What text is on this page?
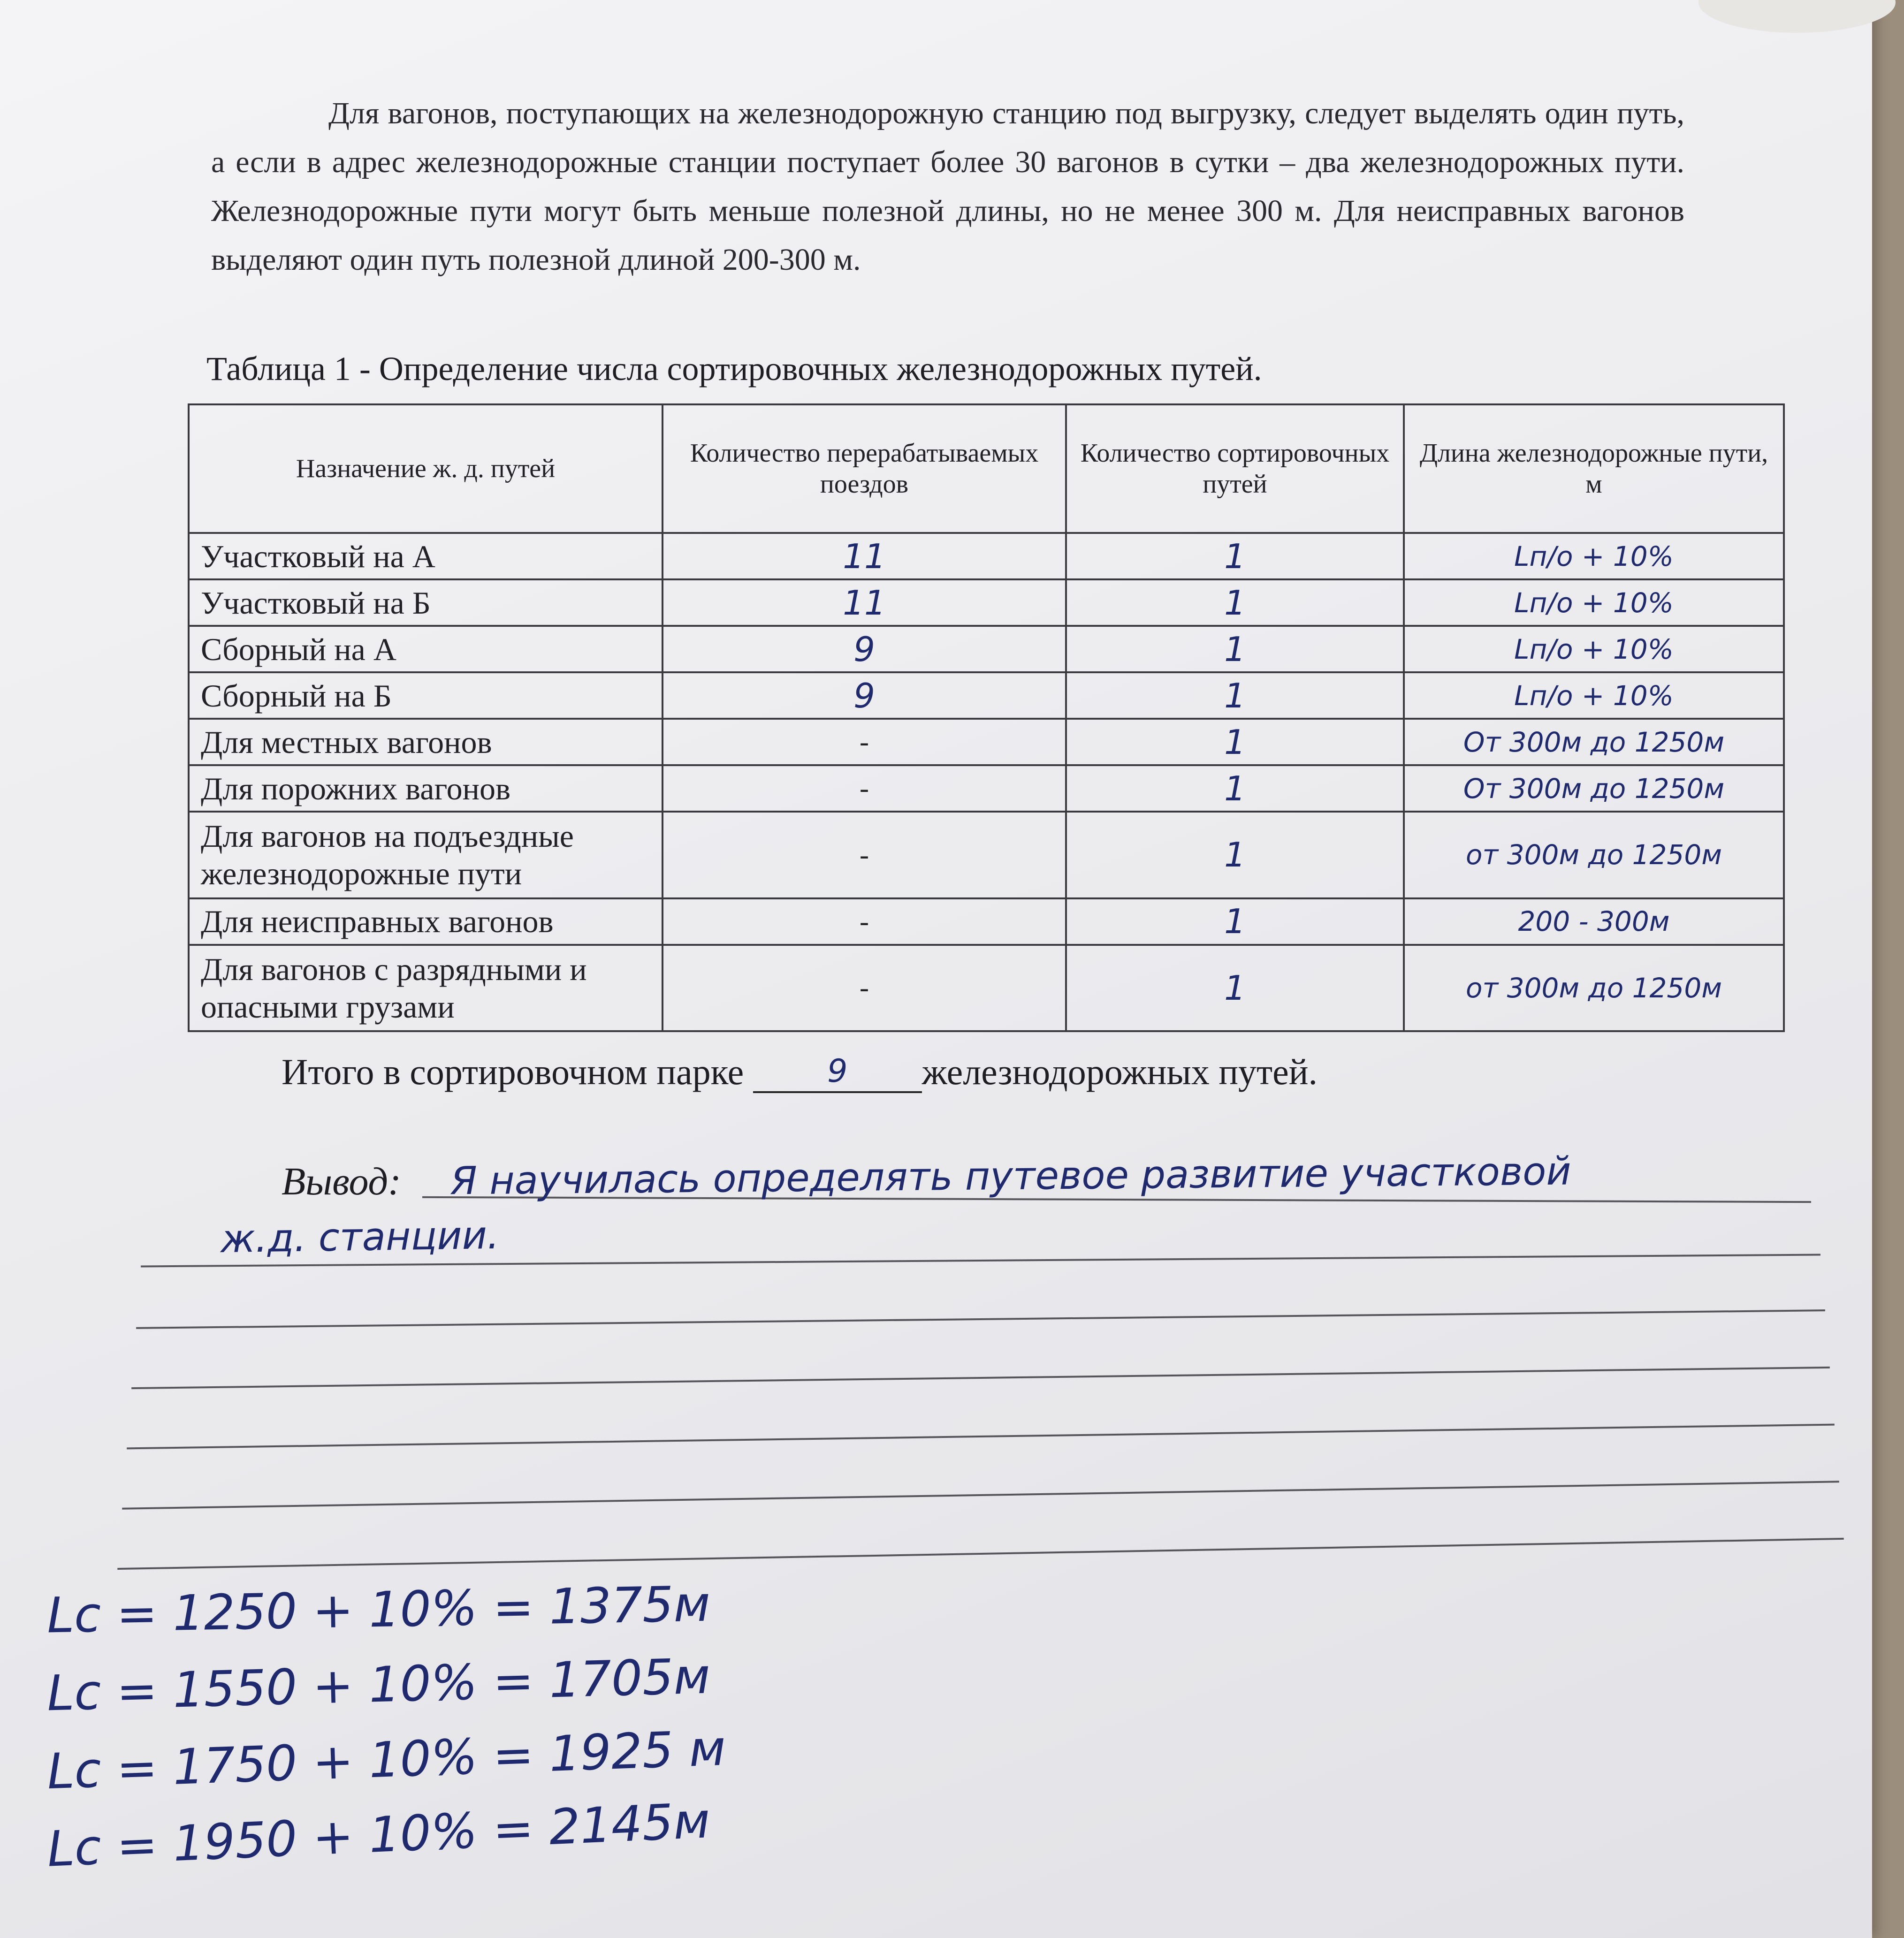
Для вагонов, поступающих на железнодорожную станцию под выгрузку, следует выделять один путь, а если в адрес железнодорожные станции поступает более 30 вагонов в сутки – два железнодорожных пути. Железнодорожные пути могут быть меньше полезной длины, но не менее 300 м. Для неисправных вагонов выделяют один путь полезной длиной 200-300 м.

Таблица 1 - Определение числа сортировочных железнодорожных путей.

Назначение ж. д. путей	Количество перерабатываемых поездов	Количество сортировочных путей	Длина железнодорожные пути, м
Участковый на А	11	1	Lп/о + 10%
Участковый на Б	11	1	Lп/о + 10%
Сборный на А	9	1	Lп/о + 10%
Сборный на Б	9	1	Lп/о + 10%
Для местных вагонов	-	1	От 300м до 1250м
Для порожних вагонов	-	1	От 300м до 1250м
Для вагонов на подъездные железнодорожные пути	-	1	от 300м до 1250м
Для неисправных вагонов	-	1	200 - 300м
Для вагонов с разрядными и опасными грузами	-	1	от 300м до 1250м

Итого в сортировочном парке	9 железнодорожных путей.

Вывод: Я научилась определять путевое развитие участковой

ж.д. станции.

Lc = 1250 + 10% = 1375м

Lc = 1550 + 10% = 1705м

Lc = 1750 + 10% = 1925 м

Lc = 1950 + 10% = 2145м
